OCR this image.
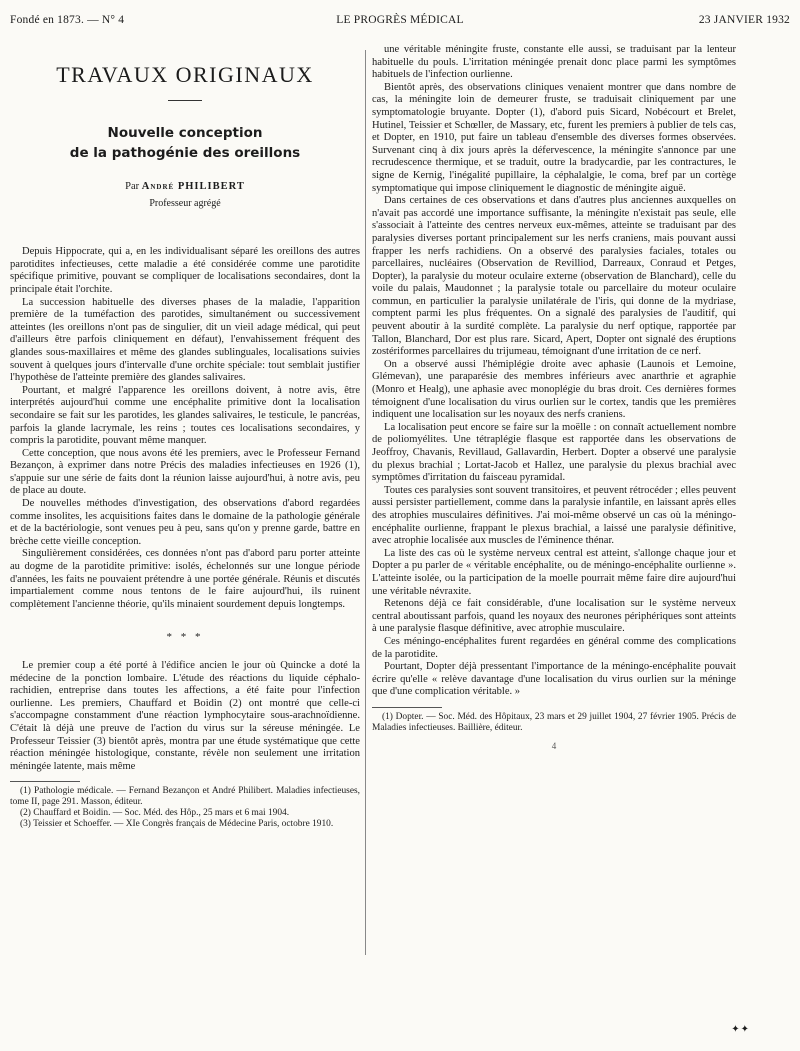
Fondé en 1873. — N° 4	LE PROGRÈS MÉDICAL	23 JANVIER 1932
TRAVAUX ORIGINAUX
Nouvelle conception
de la pathogénie des oreillons
Par André PHILIBERT
Professeur agrégé

Depuis Hippocrate, qui a, en les individualisant séparé les oreillons des autres parotidites infectieuses, cette maladie a été considérée comme une parotidite spécifique primitive, pouvant se compliquer de localisations secondaires, dont la principale était l'orchite.

La succession habituelle des diverses phases de la maladie, l'apparition première de la tuméfaction des parotides, simultanément ou successivement atteintes (les oreillons n'ont pas de singulier, dit un vieil adage médical, qui peut d'ailleurs être parfois cliniquement en défaut), l'envahissement fréquent des glandes sous-maxillaires et même des glandes sublinguales, localisations suivies souvent à quelques jours d'intervalle d'une orchite spéciale: tout semblait justifier l'hypothèse de l'atteinte première des glandes salivaires.

Pourtant, et malgré l'apparence les oreillons doivent, à notre avis, être interprétés aujourd'hui comme une encéphalite primitive dont la localisation secondaire se fait sur les parotides, les glandes salivaires, le testicule, le pancréas, parfois la glande lacrymale, les reins ; toutes ces localisations secondaires, y compris la parotidite, pouvant même manquer.

Cette conception, que nous avons été les premiers, avec le Professeur Fernand Bezançon, à exprimer dans notre Précis des maladies infectieuses en 1926 (1), s'appuie sur une série de faits dont la réunion laisse aujourd'hui, à notre avis, peu de place au doute.

De nouvelles méthodes d'investigation, des observations d'abord regardées comme insolites, les acquisitions faites dans le domaine de la pathologie générale et de la bactériologie, sont venues peu à peu, sans qu'on y prenne garde, battre en brèche cette vieille conception.

Singulièrement considérées, ces données n'ont pas d'abord paru porter atteinte au dogme de la parotidite primitive: isolés, échelonnés sur une longue période d'années, les faits ne pouvaient prétendre à une portée générale. Réunis et discutés impartialement comme nous tentons de le faire aujourd'hui, ils ruinent complètement l'ancienne théorie, qu'ils minaient sourdement depuis longtemps.

* * *

Le premier coup a été porté à l'édifice ancien le jour où Quincke a doté la médecine de la ponction lombaire. L'étude des réactions du liquide céphalo-rachidien, entreprise dans toutes les affections, a été faite pour l'infection ourlienne. Les premiers, Chauffard et Boidin (2) ont montré que celle-ci s'accompagne constamment d'une réaction lymphocytaire sous-arachnoïdienne. C'était là déjà une preuve de l'action du virus sur la séreuse méningée. Le Professeur Teissier (3) bientôt après, montra par une étude systématique que cette réaction méningée histologique, constante, révèle non seulement une irritation méningée latente, mais même

(1) Pathologie médicale. — Fernand Bezançon et André Philibert. Maladies infectieuses, tome II, page 291. Masson, éditeur.

(2) Chauffard et Boidin. — Soc. Méd. des Hôp., 25 mars et 6 mai 1904.

(3) Teissier et Schoeffer. — XIe Congrès français de Médecine Paris, octobre 1910.

une véritable méningite fruste, constante elle aussi, se traduisant par la lenteur habituelle du pouls. L'irritation méningée prenait donc place parmi les symptômes habituels de l'infection ourlienne.

Bientôt après, des observations cliniques venaient montrer que dans nombre de cas, la méningite loin de demeurer fruste, se traduisait cliniquement par une symptomatologie bruyante. Dopter (1), d'abord puis Sicard, Nobécourt et Brelet, Hutinel, Teissier et Schœller, de Massary, etc, furent les premiers à publier de tels cas, et Dopter, en 1910, put faire un tableau d'ensemble des diverses formes observées. Survenant cinq à dix jours après la défervescence, la méningite s'annonce par une recrudescence thermique, et se traduit, outre la bradycardie, par les contractures, le signe de Kernig, l'inégalité pupillaire, la céphalalgie, le coma, bref par un cortège symptomatique qui impose cliniquement le diagnostic de méningite aiguë.

Dans certaines de ces observations et dans d'autres plus anciennes auxquelles on n'avait pas accordé une importance suffisante, la méningite n'existait pas seule, elle s'associait à l'atteinte des centres nerveux eux-mêmes, atteinte se traduisant par des paralysies diverses portant principalement sur les nerfs craniens, mais pouvant aussi frapper les nerfs rachidiens. On a observé des paralysies faciales, totales ou parcellaires, nucléaires (Observation de Revilliod, Darreaux, Conraud et Petges, Dopter), la paralysie du moteur oculaire externe (observation de Blanchard), celle du voile du palais, Maudonnet ; la paralysie totale ou parcellaire du moteur oculaire commun, en particulier la paralysie unilatérale de l'iris, qui donne de la mydriase, comptent parmi les plus fréquentes. On a signalé des paralysies de l'auditif, qui peuvent aboutir à la surdité complète. La paralysie du nerf optique, rapportée par Tallon, Blanchard, Dor est plus rare. Sicard, Apert, Dopter ont signalé des éruptions zostériformes parcellaires du trijumeau, témoignant d'une irritation de ce nerf.

On a observé aussi l'hémiplégie droite avec aphasie (Launois et Lemoine, Glémevan), une paraparésie des membres inférieurs avec anarthrie et agraphie (Monro et Healg), une aphasie avec monoplégie du bras droit. Ces dernières formes témoignent d'une localisation du virus ourlien sur le cortex, tandis que les premières indiquent une localisation sur les noyaux des nerfs craniens.

La localisation peut encore se faire sur la moëlle : on connaît actuellement nombre de poliomyélites. Une tétraplégie flasque est rapportée dans les observations de Jeoffroy, Chavanis, Revillaud, Gallavardin, Herbert. Dopter a observé une paralysie du plexus brachial ; Lortat-Jacob et Hallez, une paralysie du plexus brachial avec symptômes d'irritation du faisceau pyramidal.

Toutes ces paralysies sont souvent transitoires, et peuvent rétrocéder ; elles peuvent aussi persister partiellement, comme dans la paralysie infantile, en laissant après elles des atrophies musculaires définitives. J'ai moi-même observé un cas où la méningo-encéphalite ourlienne, frappant le plexus brachial, a laissé une paralysie définitive, avec atrophie localisée aux muscles de l'éminence thénar.

La liste des cas où le système nerveux central est atteint, s'allonge chaque jour et Dopter a pu parler de « véritable encéphalite, ou de méningo-encéphalite ourlienne ». L'atteinte isolée, ou la participation de la moelle pourrait même faire dire aujourd'hui une véritable névraxite.

Retenons déjà ce fait considérable, d'une localisation sur le système nerveux central aboutissant parfois, quand les noyaux des neurones périphériques sont atteints à une paralysie flasque définitive, avec atrophie musculaire.

Ces méningo-encéphalites furent regardées en général comme des complications de la parotidite.

Pourtant, Dopter déjà pressentant l'importance de la méningo-encéphalite pouvait écrire qu'elle « relève davantage d'une localisation du virus ourlien sur la méninge que d'une complication véritable. »

(1) Dopter. — Soc. Méd. des Hôpitaux, 23 mars et 29 juillet 1904, 27 février 1905. Précis de Maladies infectieuses. Baillière, éditeur.

4
✦✦
